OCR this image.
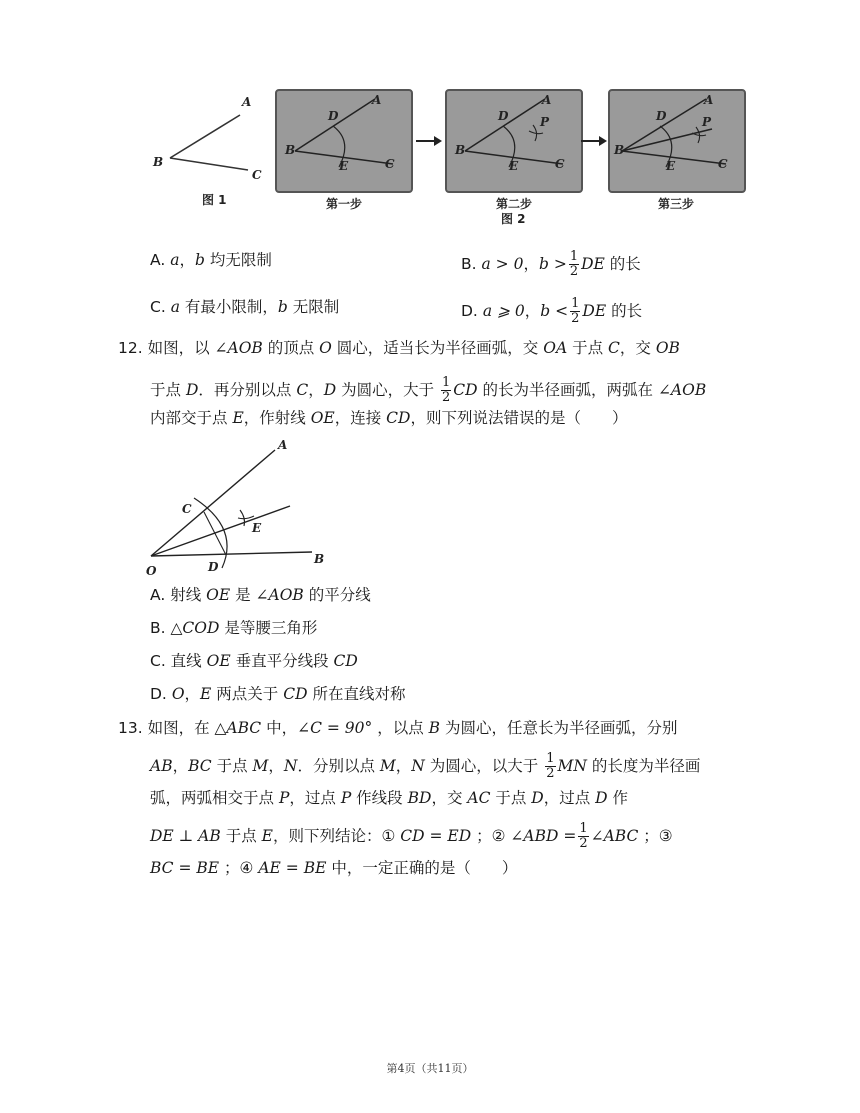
A
B
C
图 1
A
D
B
E	C
第一步
A
D	P
B
E	C
第二步
图 2
A
D	P
B
E	C
第三步
A. a，b 均无限制	B. a > 0，$b > \frac{1}{2}$ DE 的长
C. a 有最小限制，b 无限制	D. a ⩾ 0，$b < \frac{1}{2}$ DE 的长
12. 如图，以 ∠AOB 的顶点 O 圆心，适当长为半径画弧，交 OA 于点 C，交 OB
于点 D．再分别以点 C，D 为圆心，大于 $\frac{1}{2}$ CD 的长为半径画弧，两弧在 ∠AOB
内部交于点 E，作射线 OE，连接 CD，则下列说法错误的是（　　）
A
C
E
D
B
O
A. 射线 OE 是 ∠AOB 的平分线
B. △COD 是等腰三角形
C. 直线 OE 垂直平分线段 CD
D. O，E 两点关于 CD 所在直线对称
13. 如图，在 △ABC 中，∠C = 90° ，以点 B 为圆心，任意长为半径画弧，分别
AB，BC 于点 M，N．分别以点 M，N 为圆心，以大于 $\frac{1}{2}$ MN 的长度为半径画
弧，两弧相交于点 P，过点 P 作线段 BD，交 AC 于点 D，过点 D 作
DE ⊥ AB 于点 E，则下列结论：① CD = ED ；② ∠ABD = $\frac{1}{2}$ ∠ABC ；③
BC = BE ；④ AE = BE 中，一定正确的是（　　）
第4页（共11页）
